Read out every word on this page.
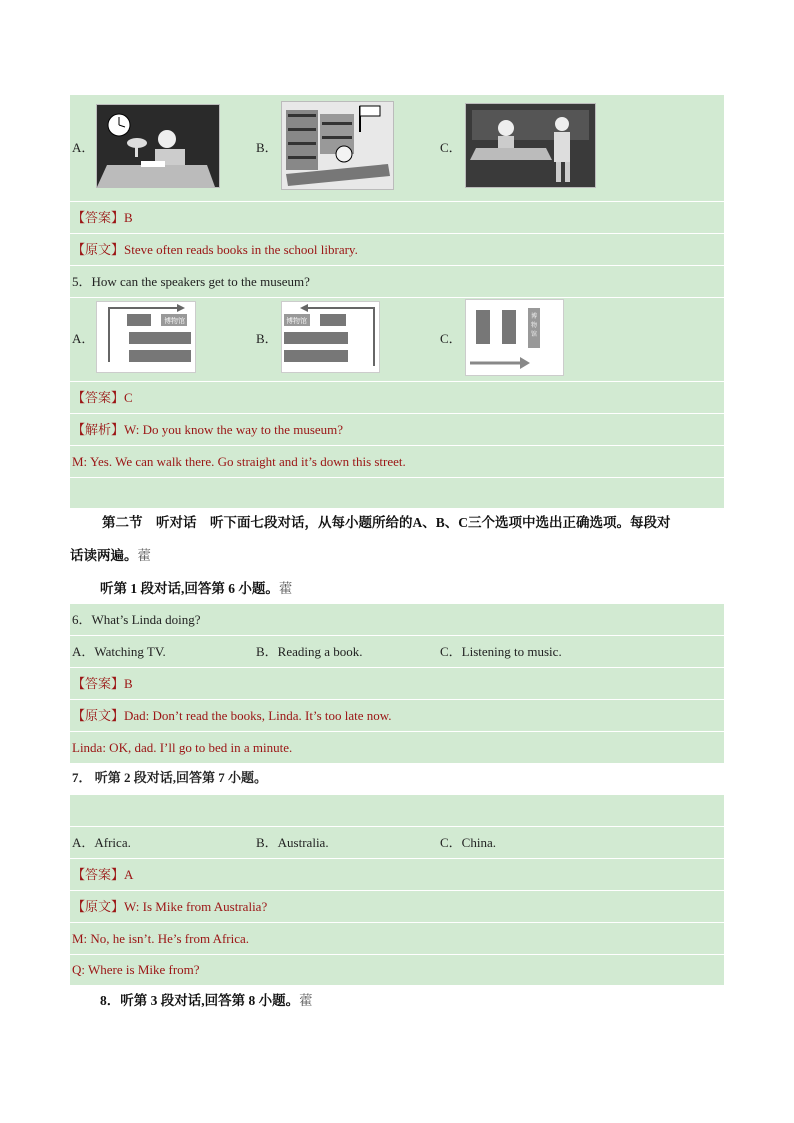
A．	B．	C．
【答案】B
【原文】Steve often reads books in the school library.
5．How can the speakers get to the museum?
A．	B．	C．
博物馆	博物馆
博物馆
【答案】C
【解析】W: Do you know the way to the museum?
M: Yes. We can walk there. Go straight and it’s down this street.
第二节　听对话　听下面七段对话，从每小题所给的A、B、C三个选项中选出正确选项。每段对
话读两遍。藿
听第 1 段对话,回答第 6 小题。藿
6．What’s Linda doing?
A．Watching TV.	B．Reading a book.	C．Listening to music.
【答案】B
【原文】Dad: Don’t read the books, Linda. It’s too late now.
Linda: OK, dad. I’ll go to bed in a minute.
7． 听第 2 段对话,回答第 7 小题。
A．Africa.	B．Australia.	C．China.
【答案】A
【原文】W: Is Mike from Australia?
M: No, he isn’t. He’s from Africa.
Q: Where is Mike from?
8．听第 3 段对话,回答第 8 小题。藿
